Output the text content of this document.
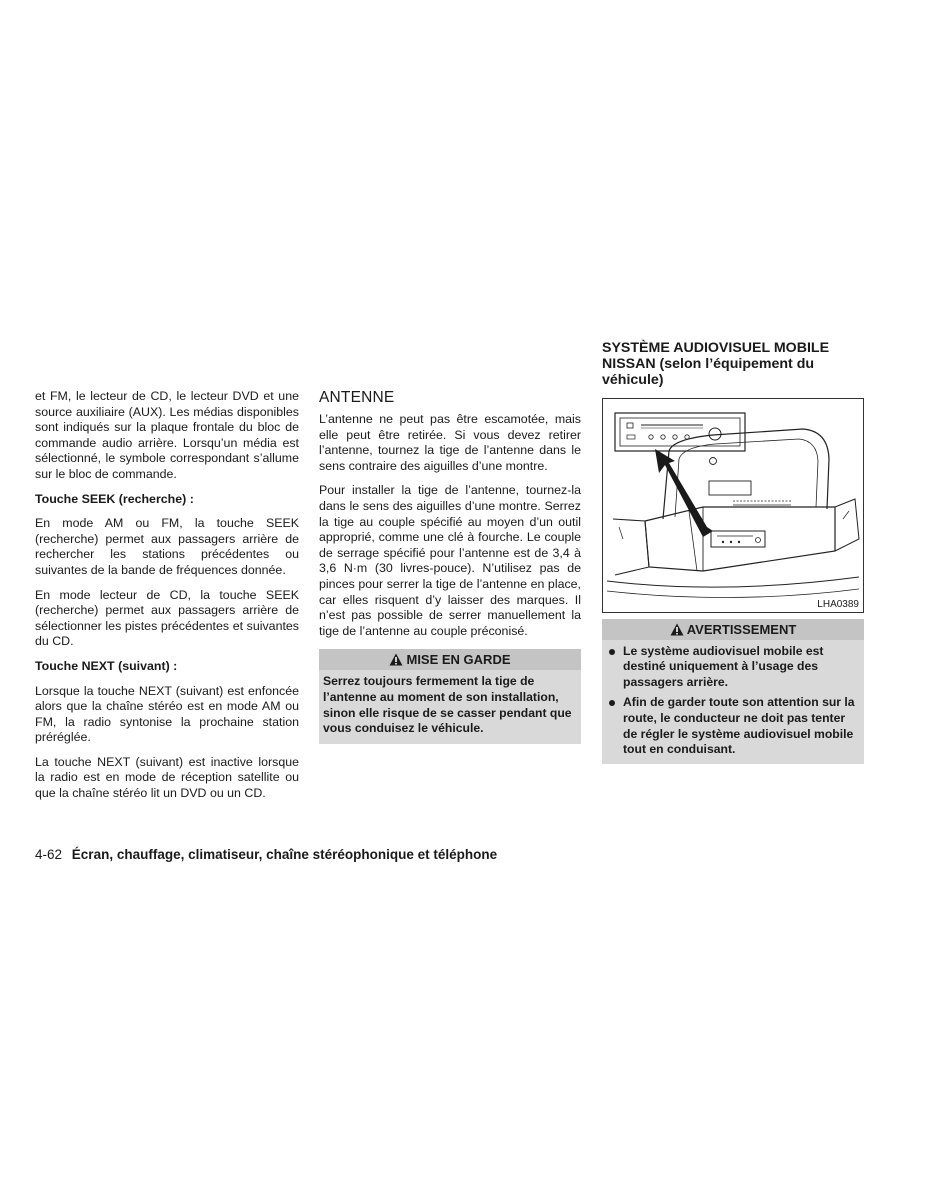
et FM, le lecteur de CD, le lecteur DVD et une source auxiliaire (AUX). Les médias disponibles sont indiqués sur la plaque frontale du bloc de commande audio arrière. Lorsqu’un média est sélectionné, le symbole correspondant s’allume sur le bloc de commande.

Touche SEEK (recherche) :

En mode AM ou FM, la touche SEEK (recherche) permet aux passagers arrière de rechercher les stations précédentes ou suivantes de la bande de fréquences donnée.

En mode lecteur de CD, la touche SEEK (recherche) permet aux passagers arrière de sélectionner les pistes précédentes et suivantes du CD.

Touche NEXT (suivant) :

Lorsque la touche NEXT (suivant) est enfoncée alors que la chaîne stéréo est en mode AM ou FM, la radio syntonise la prochaine station préréglée.

La touche NEXT (suivant) est inactive lorsque la radio est en mode de réception satellite ou que la chaîne stéréo lit un DVD ou un CD.

ANTENNE

L’antenne ne peut pas être escamotée, mais elle peut être retirée. Si vous devez retirer l’antenne, tournez la tige de l’antenne dans le sens contraire des aiguilles d’une montre.

Pour installer la tige de l’antenne, tournez-la dans le sens des aiguilles d’une montre. Serrez la tige au couple spécifié au moyen d’un outil approprié, comme une clé à fourche. Le couple de serrage spécifié pour l’antenne est de 3,4 à 3,6 N·m (30 livres-pouce). N’utilisez pas de pinces pour serrer la tige de l’antenne en place, car elles risquent d’y laisser des marques. Il n’est pas possible de serrer manuellement la tige de l’antenne au couple préconisé.

MISE EN GARDE
Serrez toujours fermement la tige de l’antenne au moment de son installation, sinon elle risque de se casser pendant que vous conduisez le véhicule.
SYSTÈME AUDIOVISUEL MOBILE NISSAN (selon l’équipement du véhicule)
LHA0389
AVERTISSEMENT
Le système audiovisuel mobile est destiné uniquement à l’usage des passagers arrière.
Afin de garder toute son attention sur la route, le conducteur ne doit pas tenter de régler le système audiovisuel mobile tout en conduisant.
4-62 Écran, chauffage, climatiseur, chaîne stéréophonique et téléphone
